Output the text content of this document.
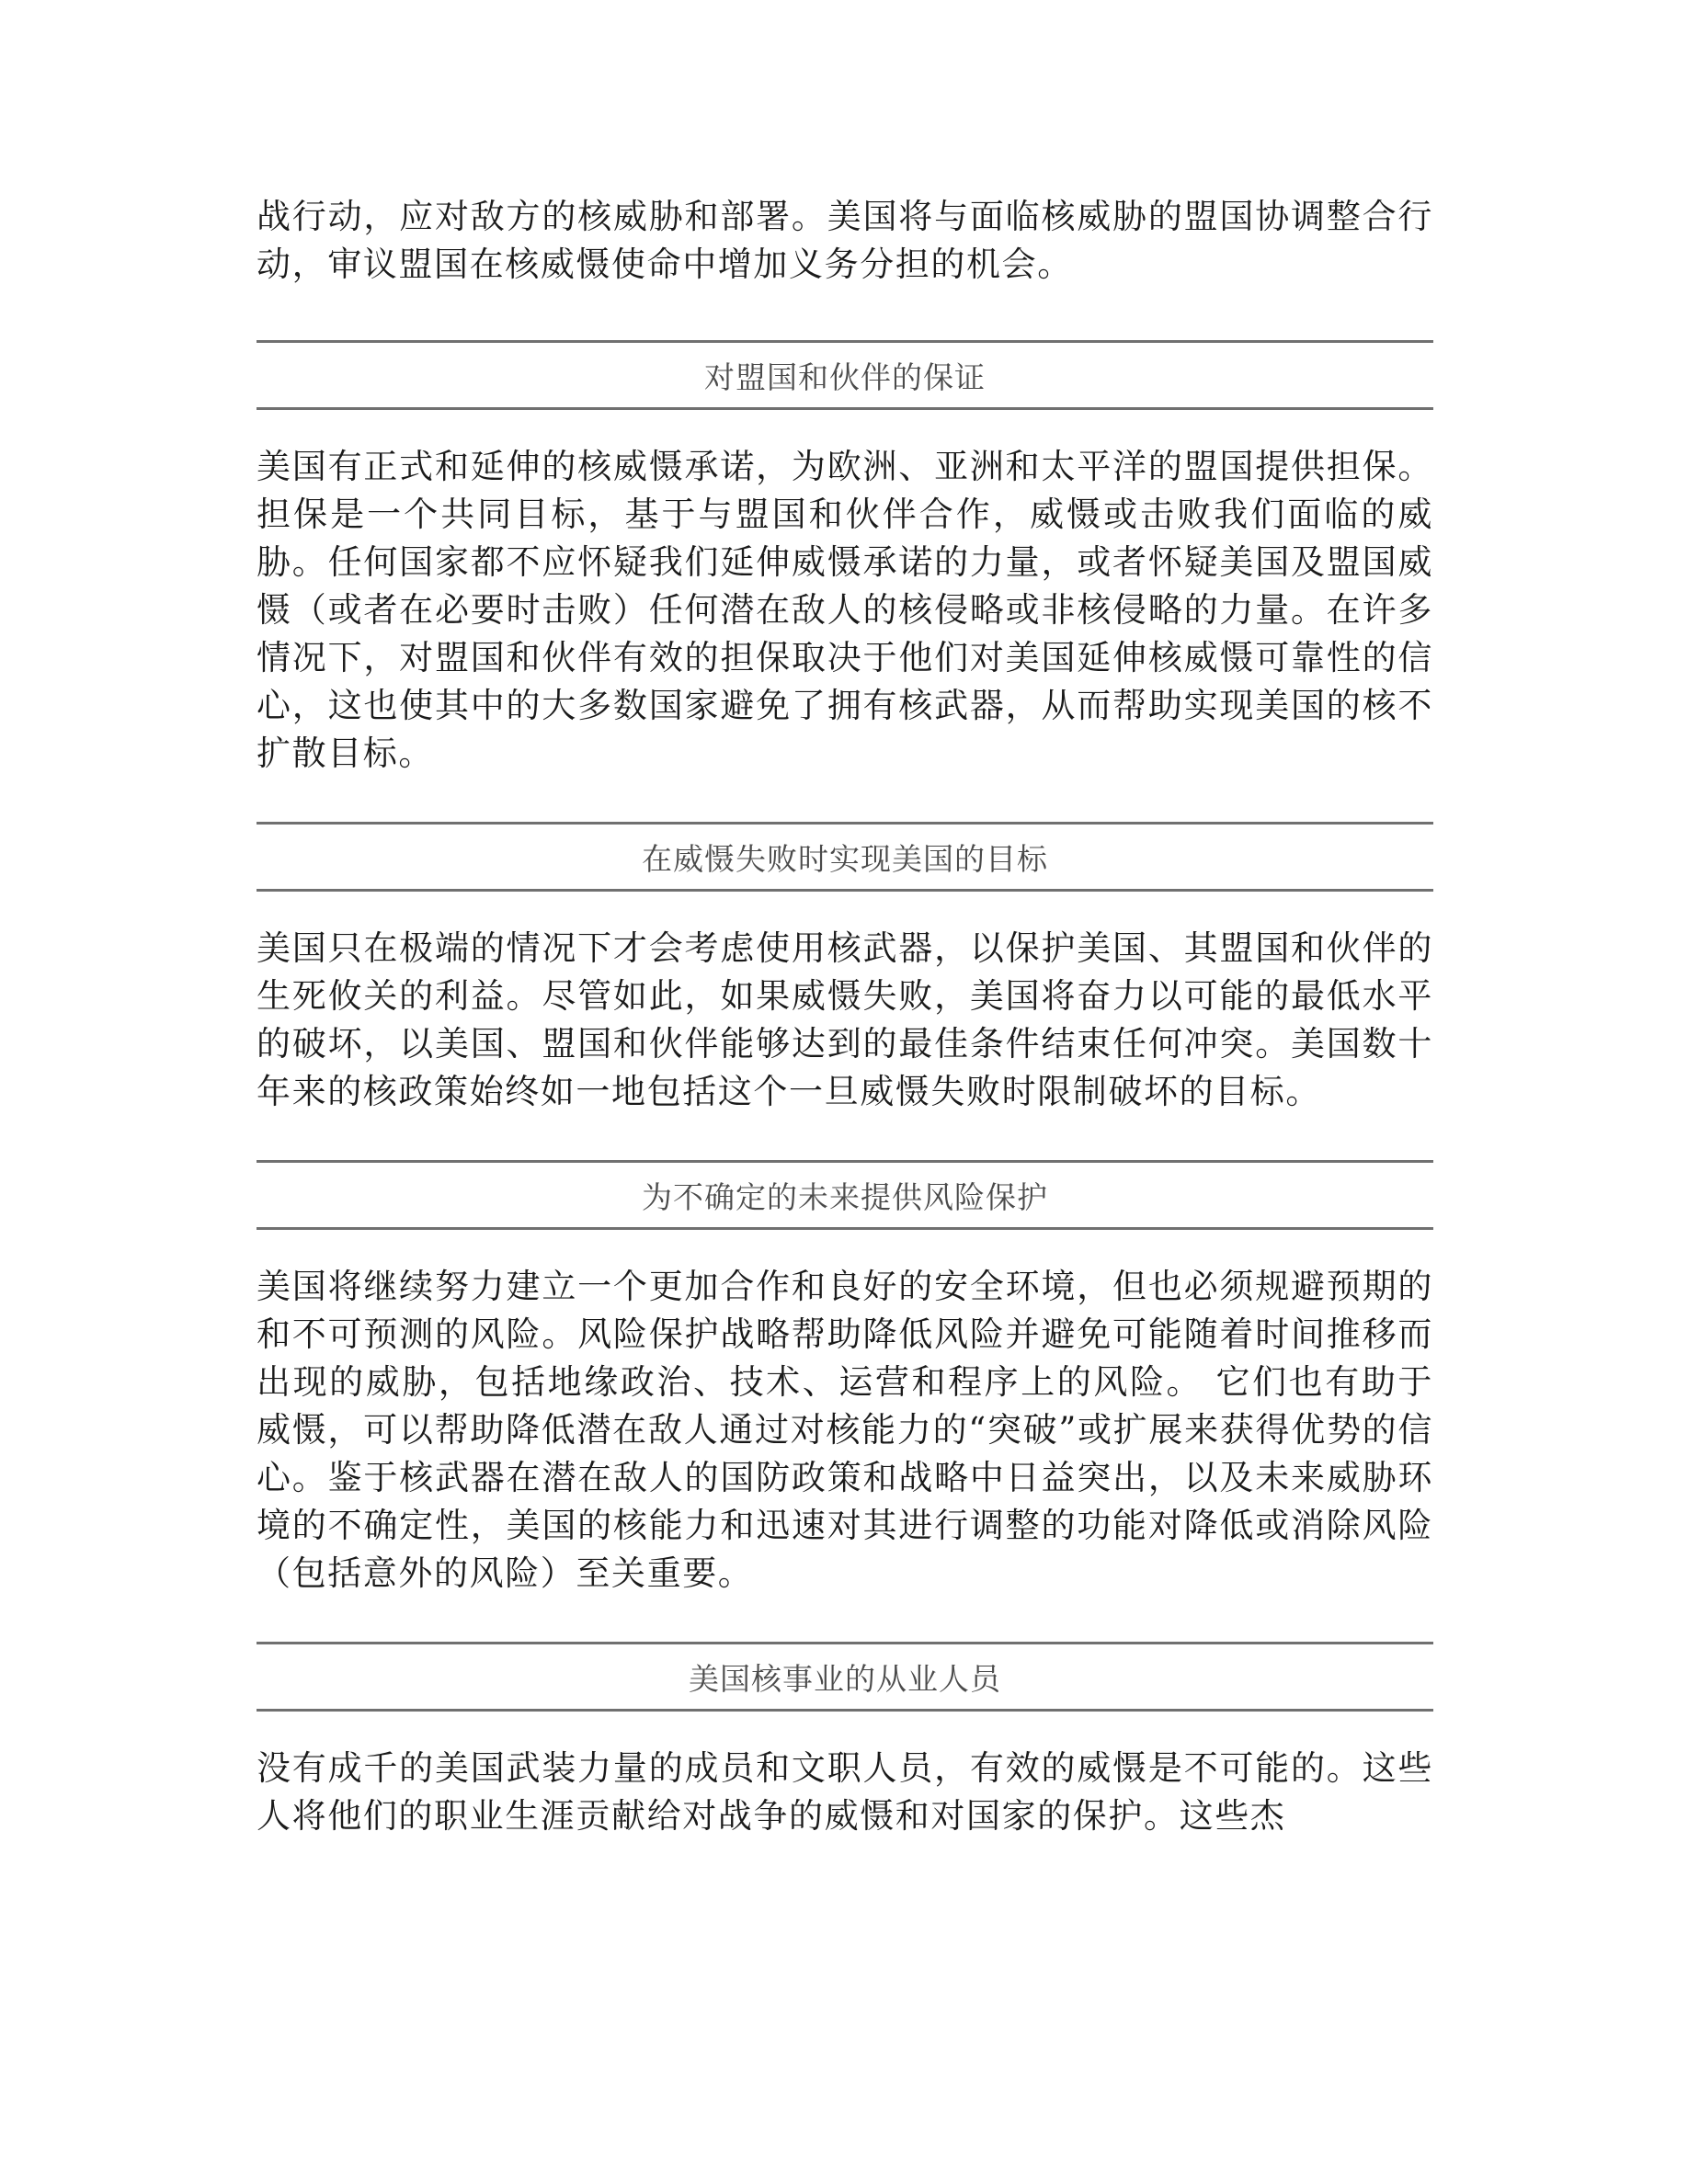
战行动，应对敌方的核威胁和部署。美国将与面临核威胁的盟国协调整合行动，审议盟国在核威慑使命中增加义务分担的机会。

对盟国和伙伴的保证

美国有正式和延伸的核威慑承诺，为欧洲、亚洲和太平洋的盟国提供担保。担保是一个共同目标，基于与盟国和伙伴合作，威慑或击败我们面临的威胁。任何国家都不应怀疑我们延伸威慑承诺的力量，或者怀疑美国及盟国威慑（或者在必要时击败）任何潜在敌人的核侵略或非核侵略的力量。在许多情况下，对盟国和伙伴有效的担保取决于他们对美国延伸核威慑可靠性的信心，这也使其中的大多数国家避免了拥有核武器，从而帮助实现美国的核不扩散目标。

在威慑失败时实现美国的目标

美国只在极端的情况下才会考虑使用核武器，以保护美国、其盟国和伙伴的生死攸关的利益。尽管如此，如果威慑失败，美国将奋力以可能的最低水平的破坏，以美国、盟国和伙伴能够达到的最佳条件结束任何冲突。美国数十年来的核政策始终如一地包括这个一旦威慑失败时限制破坏的目标。

为不确定的未来提供风险保护

美国将继续努力建立一个更加合作和良好的安全环境，但也必须规避预期的和不可预测的风险。风险保护战略帮助降低风险并避免可能随着时间推移而出现的威胁，包括地缘政治、技术、运营和程序上的风险。 它们也有助于威慑，可以帮助降低潜在敌人通过对核能力的“突破”或扩展来获得优势的信心。鉴于核武器在潜在敌人的国防政策和战略中日益突出，以及未来威胁环境的不确定性，美国的核能力和迅速对其进行调整的功能对降低或消除风险（包括意外的风险）至关重要。

美国核事业的从业人员

没有成千的美国武装力量的成员和文职人员，有效的威慑是不可能的。这些人将他们的职业生涯贡献给对战争的威慑和对国家的保护。这些杰
